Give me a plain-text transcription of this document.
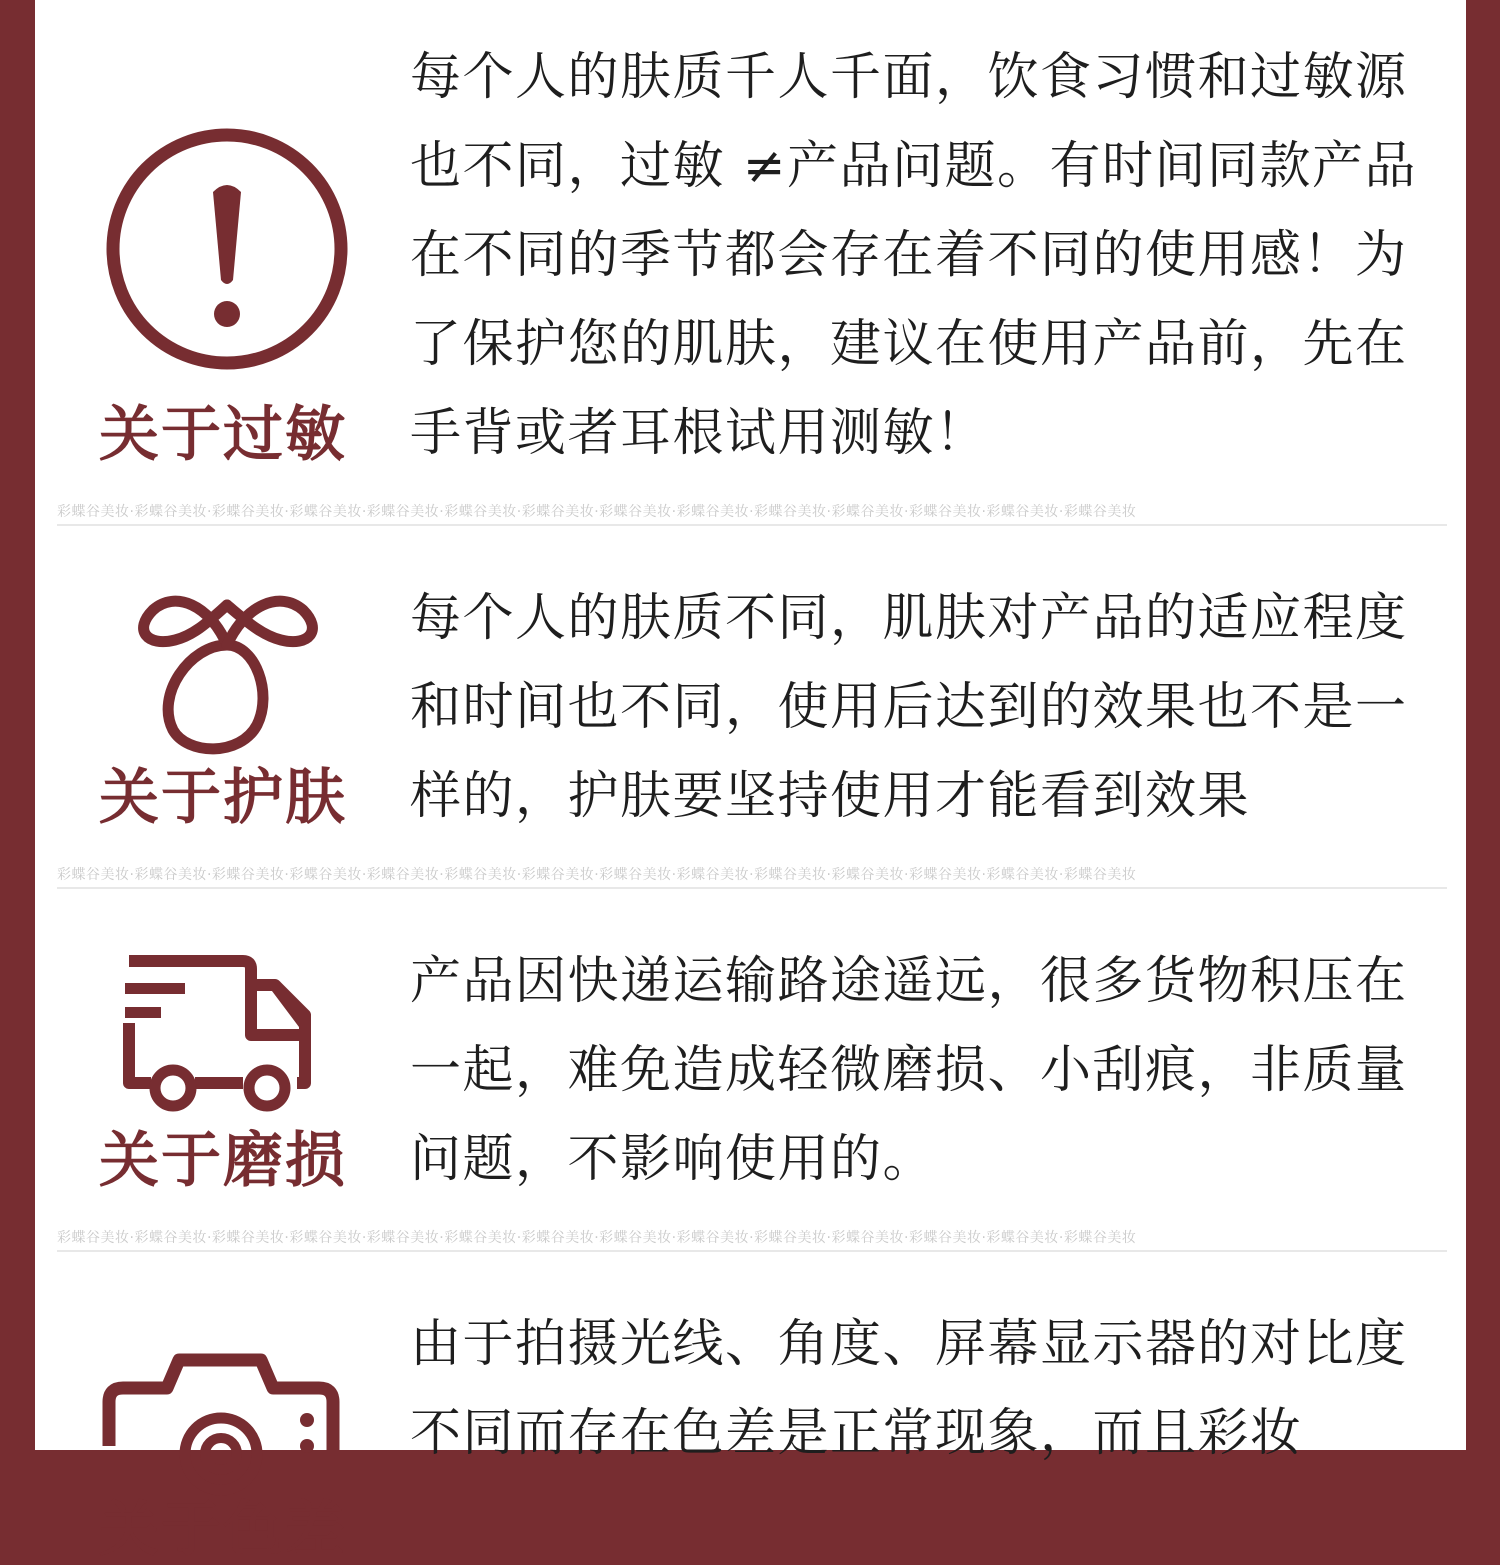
关于过敏
每个人的肤质千人千面，饮食习惯和过敏源也不同，过敏 ≠产品问题。有时间同款产品在不同的季节都会存在着不同的使用感！为了保护您的肌肤，建议在使用产品前，先在手背或者耳根试用测敏！
彩蝶谷美妆·彩蝶谷美妆·彩蝶谷美妆·彩蝶谷美妆·彩蝶谷美妆·彩蝶谷美妆·彩蝶谷美妆·彩蝶谷美妆·彩蝶谷美妆·彩蝶谷美妆·彩蝶谷美妆·彩蝶谷美妆·彩蝶谷美妆·彩蝶谷美妆
关于护肤
每个人的肤质不同，肌肤对产品的适应程度和时间也不同，使用后达到的效果也不是一样的，护肤要坚持使用才能看到效果
彩蝶谷美妆·彩蝶谷美妆·彩蝶谷美妆·彩蝶谷美妆·彩蝶谷美妆·彩蝶谷美妆·彩蝶谷美妆·彩蝶谷美妆·彩蝶谷美妆·彩蝶谷美妆·彩蝶谷美妆·彩蝶谷美妆·彩蝶谷美妆·彩蝶谷美妆
关于磨损
产品因快递运输路途遥远，很多货物积压在一起，难免造成轻微磨损、小刮痕，非质量问题，不影响使用的。
彩蝶谷美妆·彩蝶谷美妆·彩蝶谷美妆·彩蝶谷美妆·彩蝶谷美妆·彩蝶谷美妆·彩蝶谷美妆·彩蝶谷美妆·彩蝶谷美妆·彩蝶谷美妆·彩蝶谷美妆·彩蝶谷美妆·彩蝶谷美妆·彩蝶谷美妆
关于色差
由于拍摄光线、角度、屏幕显示器的对比度不同而存在色差是正常现象，而且彩妆
